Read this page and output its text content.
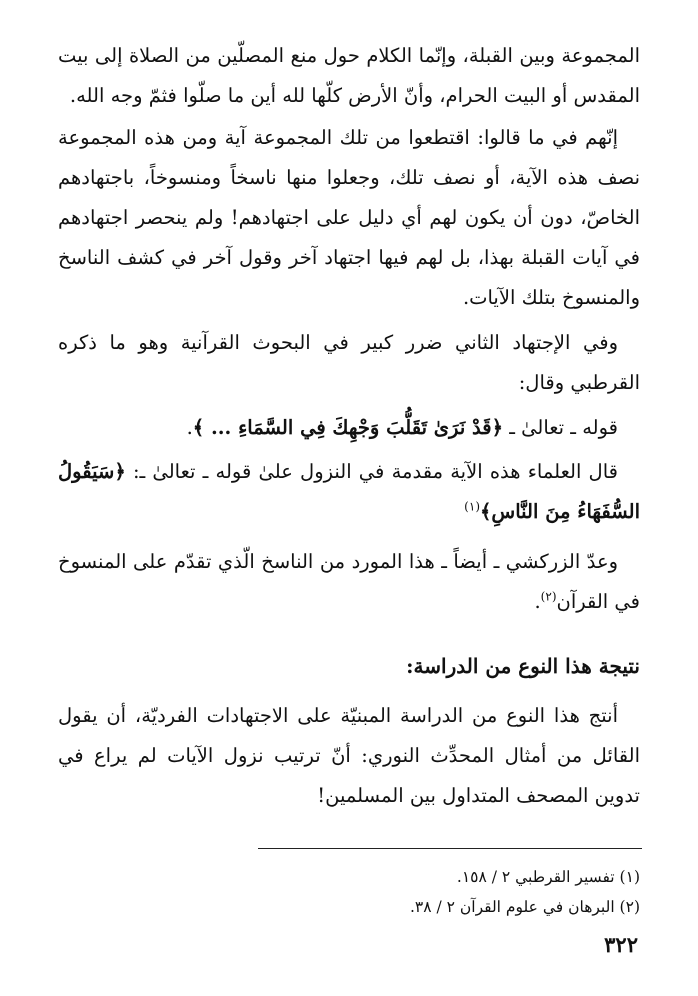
المجموعة وبين القبلة، وإنّما الكلام حول منع المصلّين من الصلاة إلى بيت المقدس أو البيت الحرام، وأنّ الأرض كلّها لله أين ما صلّوا فثمّ وجه الله.

إنّهم في ما قالوا: اقتطعوا من تلك المجموعة آية ومن هذه المجموعة نصف هذه الآية، أو نصف تلك، وجعلوا منها ناسخاً ومنسوخاً، باجتهادهم الخاصّ، دون أن يكون لهم أي دليل على اجتهادهم! ولم ينحصر اجتهادهم في آيات القبلة بهذا، بل لهم فيها اجتهاد آخر وقول آخر في كشف الناسخ والمنسوخ بتلك الآيات.

وفي الإجتهاد الثاني ضرر كبير في البحوث القرآنية وهو ما ذكره القرطبي وقال:

قوله ـ تعالىٰ ـ ﴿قَدْ نَرَىٰ تَقَلُّبَ وَجْهِكَ فِي السَّمَاءِ ... ﴾.

قال العلماء هذه الآية مقدمة في النزول علىٰ قوله ـ تعالىٰ ـ: ﴿سَيَقُولُ السُّفَهَاءُ مِنَ النَّاسِ﴾$^{(١)}$

وعدّ الزركشي ـ أيضاً ـ هذا المورد من الناسخ الّذي تقدّم على المنسوخ في القرآن$^{(٢)}$.

نتيجة هذا النوع من الدراسة:

أنتج هذا النوع من الدراسة المبنيّة على الاجتهادات الفرديّة، أن يقول القائل من أمثال المحدِّث النوري: أنّ ترتيب نزول الآيات لم يراع في تدوين المصحف المتداول بين المسلمين!

(١) تفسير القرطبي ٢ / ١٥٨.

(٢) البرهان في علوم القرآن ٢ / ٣٨.

٣٢٢
